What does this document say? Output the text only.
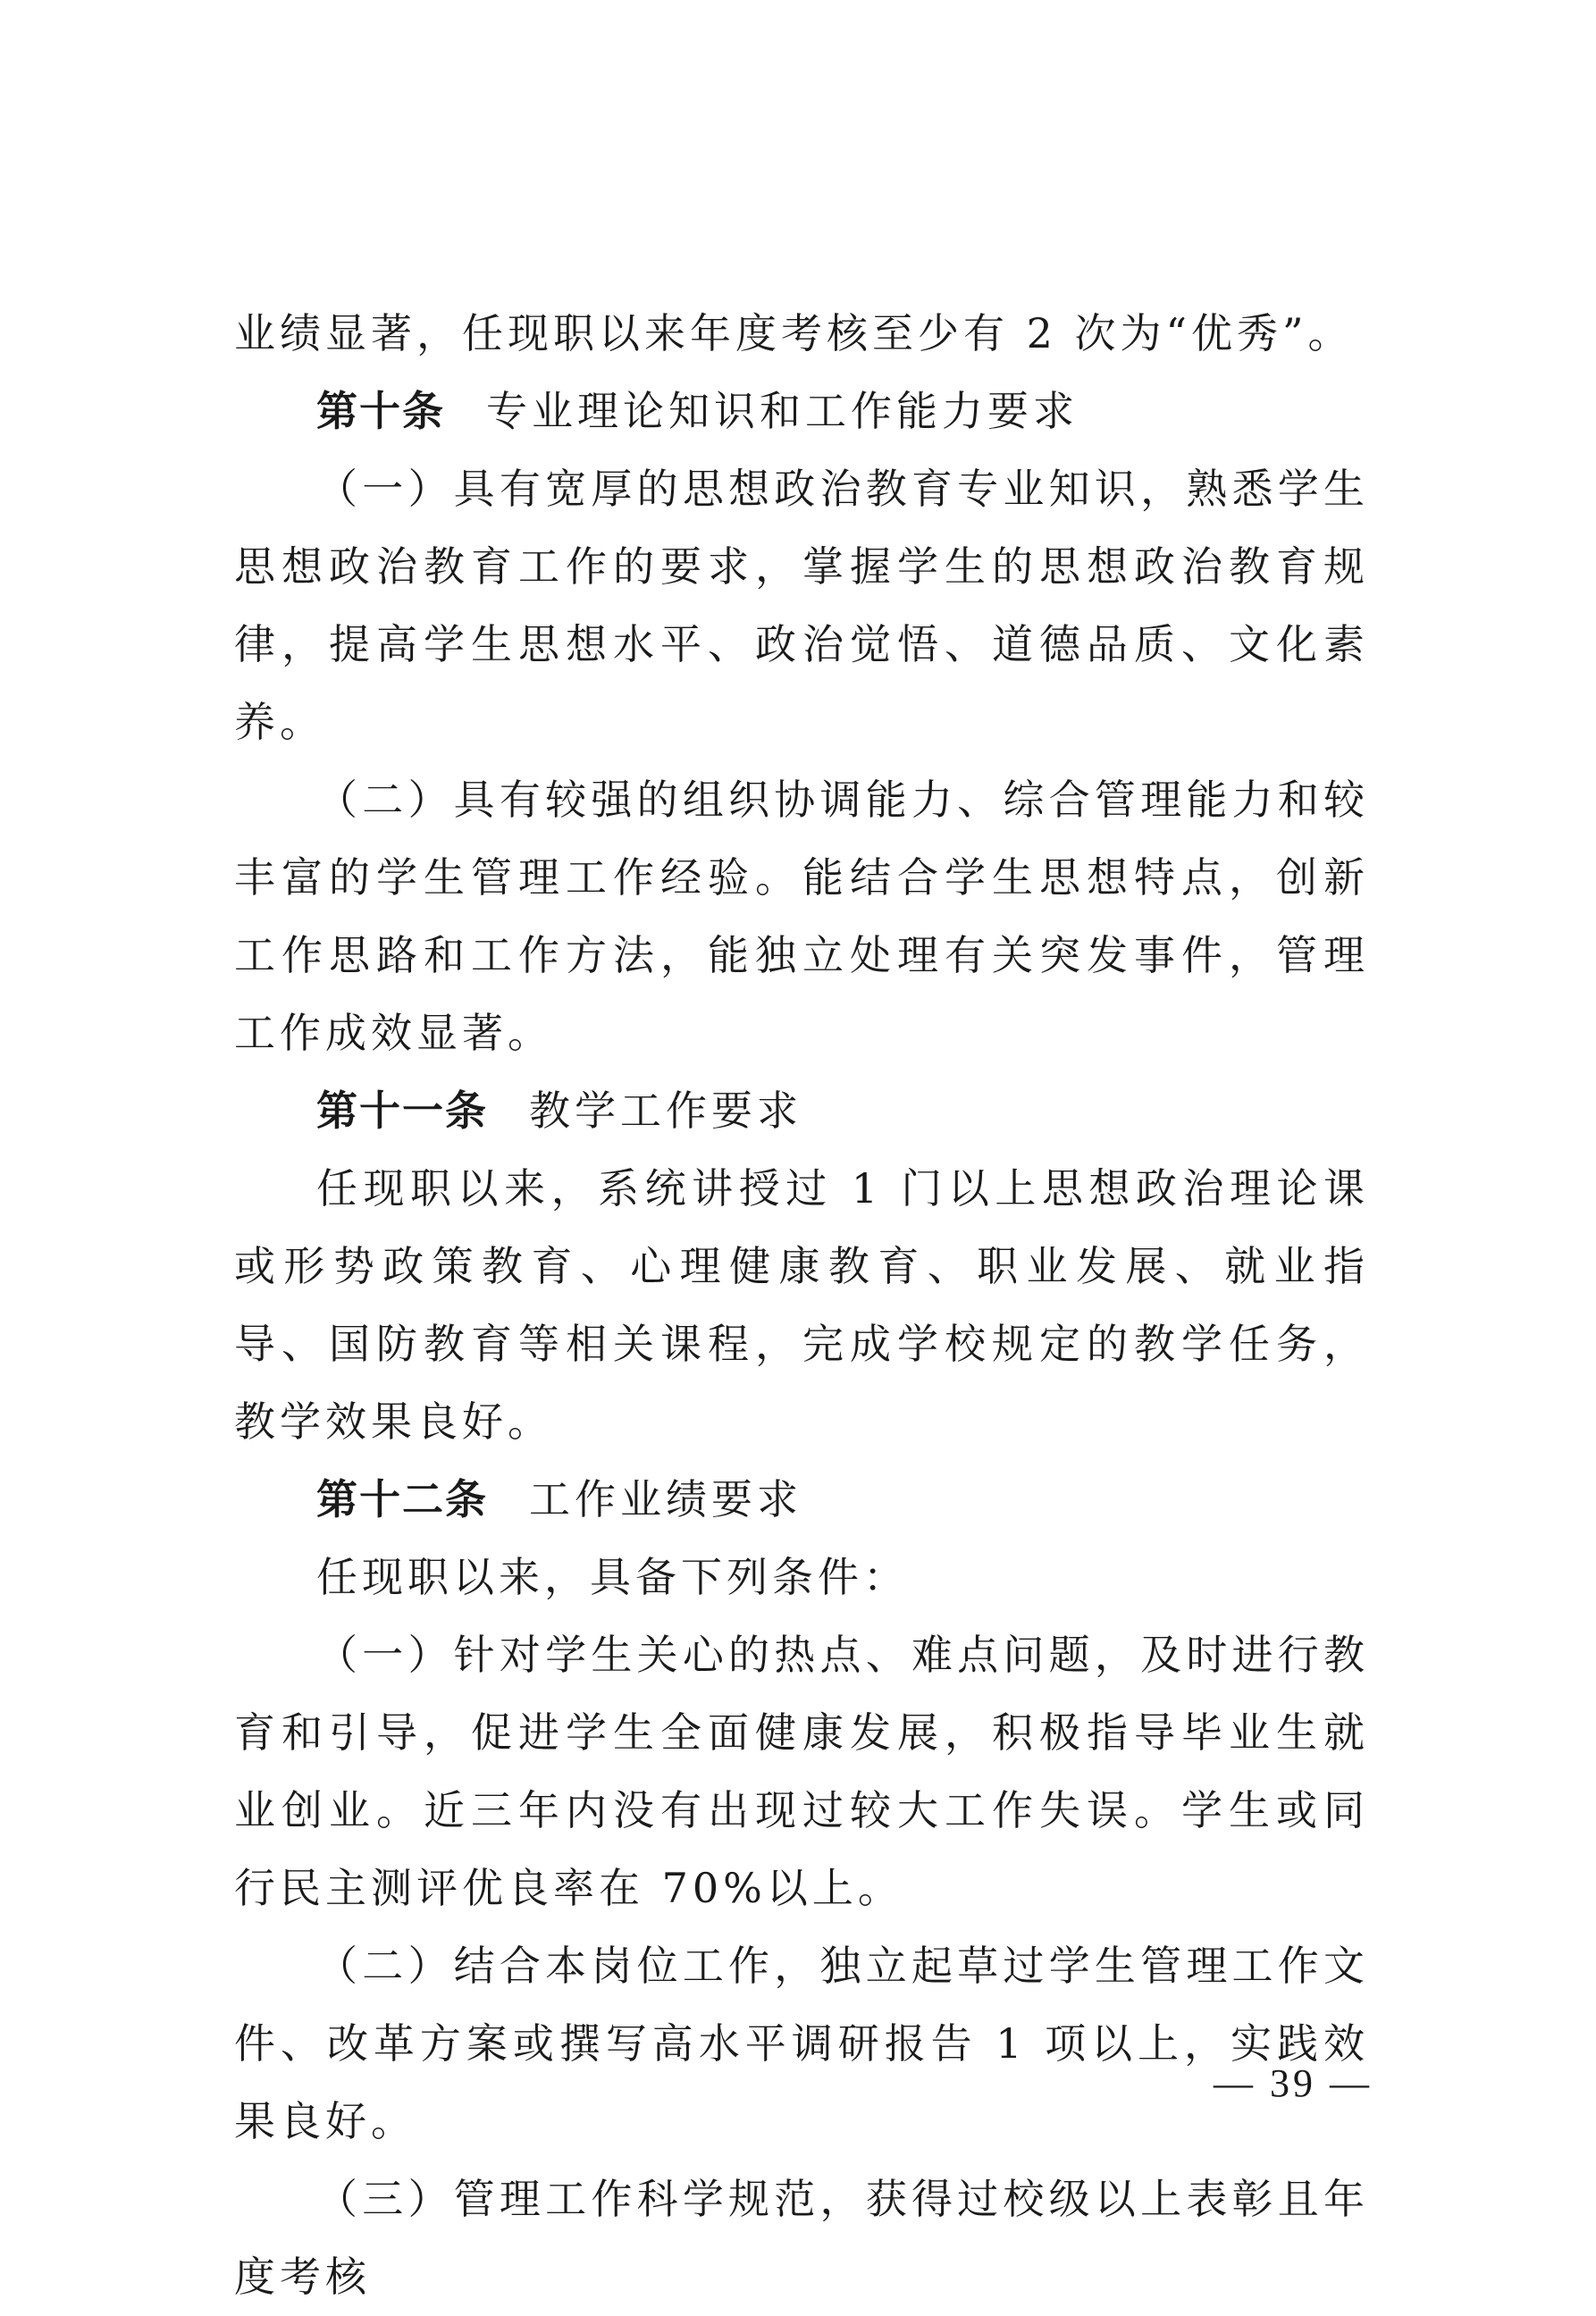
业绩显著，任现职以来年度考核至少有 2 次为“优秀”。

第十条 专业理论知识和工作能力要求

（一）具有宽厚的思想政治教育专业知识，熟悉学生思想政治教育工作的要求，掌握学生的思想政治教育规律，提高学生思想水平、政治觉悟、道德品质、文化素养。

（二）具有较强的组织协调能力、综合管理能力和较丰富的学生管理工作经验。能结合学生思想特点，创新工作思路和工作方法，能独立处理有关突发事件，管理工作成效显著。

第十一条 教学工作要求

任现职以来，系统讲授过 1 门以上思想政治理论课或形势政策教育、心理健康教育、职业发展、就业指导、国防教育等相关课程，完成学校规定的教学任务，教学效果良好。

第十二条 工作业绩要求

任现职以来，具备下列条件：

（一）针对学生关心的热点、难点问题，及时进行教育和引导，促进学生全面健康发展，积极指导毕业生就业创业。近三年内没有出现过较大工作失误。学生或同行民主测评优良率在 70%以上。

（二）结合本岗位工作，独立起草过学生管理工作文件、改革方案或撰写高水平调研报告 1 项以上，实践效果良好。

（三）管理工作科学规范，获得过校级以上表彰且年度考核

— 39 —
